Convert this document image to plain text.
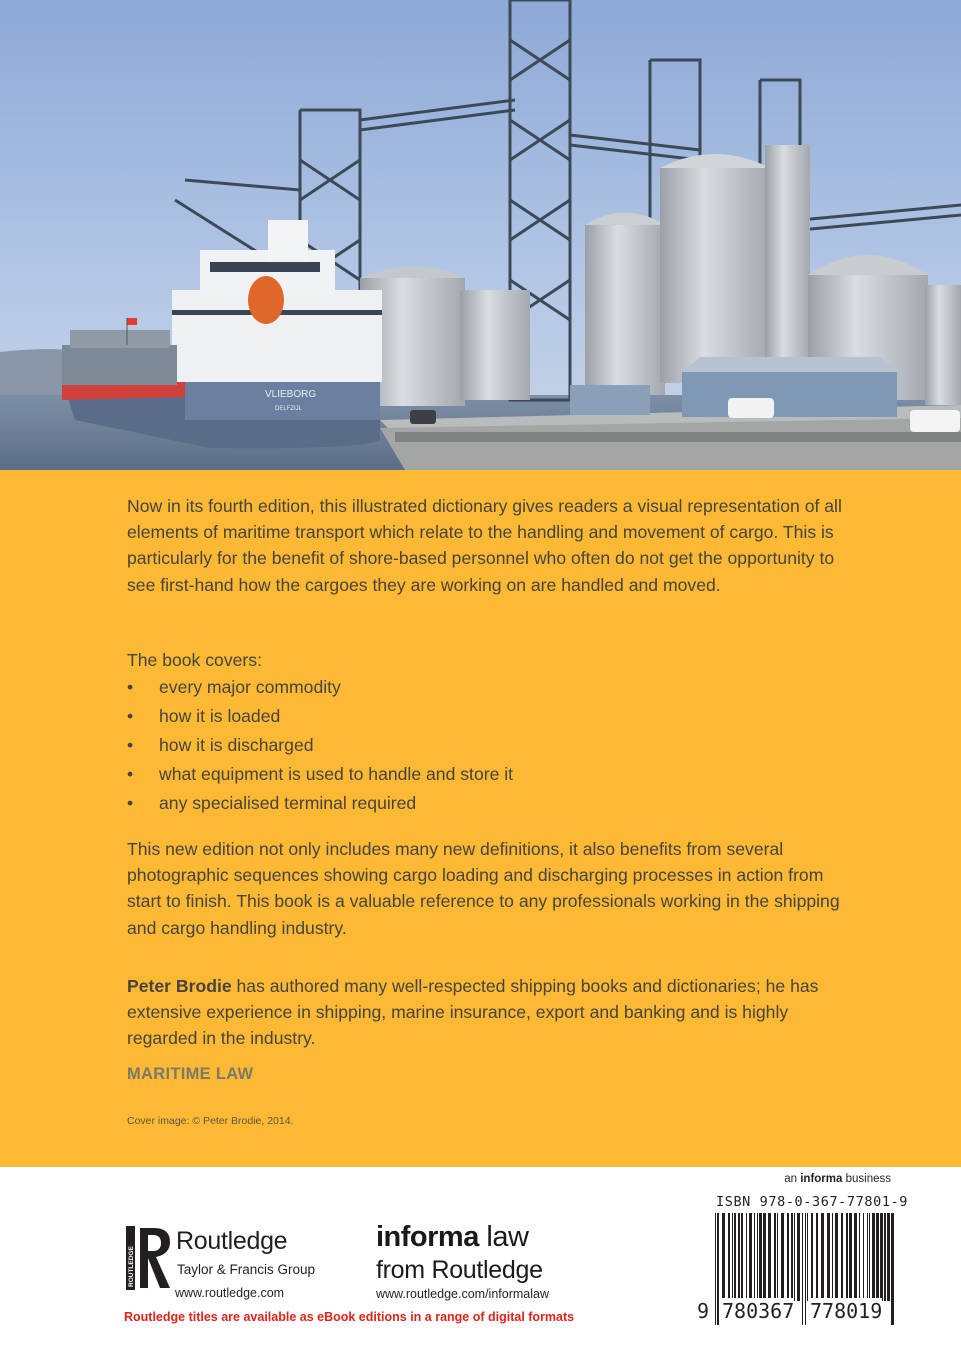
VLIEBORG
DELFZIJL

Now in its fourth edition, this illustrated dictionary gives readers a visual representation of all elements of maritime transport which relate to the handling and movement of cargo. This is particularly for the benefit of shore-based personnel who often do not get the opportunity to see first-hand how the cargoes they are working on are handled and moved.

The book covers:

• every major commodity
• how it is loaded
• how it is discharged
• what equipment is used to handle and store it
• any specialised terminal required

This new edition not only includes many new definitions, it also benefits from several photographic sequences showing cargo loading and discharging processes in action from start to finish. This book is a valuable reference to any professionals working in the shipping and cargo handling industry.

Peter Brodie has authored many well-respected shipping books and dictionaries; he has extensive experience in shipping, marine insurance, export and banking and is highly regarded in the industry.

MARITIME LAW

Cover image: © Peter Brodie, 2014.

ROUTLEDGE

Routledge

Taylor & Francis Group

www.routledge.com

informa law

from Routledge

www.routledge.com/informalaw

Routledge titles are available as eBook editions in a range of digital formats

an informa business

ISBN 978-0-367-77801-9

9 780367 778019
